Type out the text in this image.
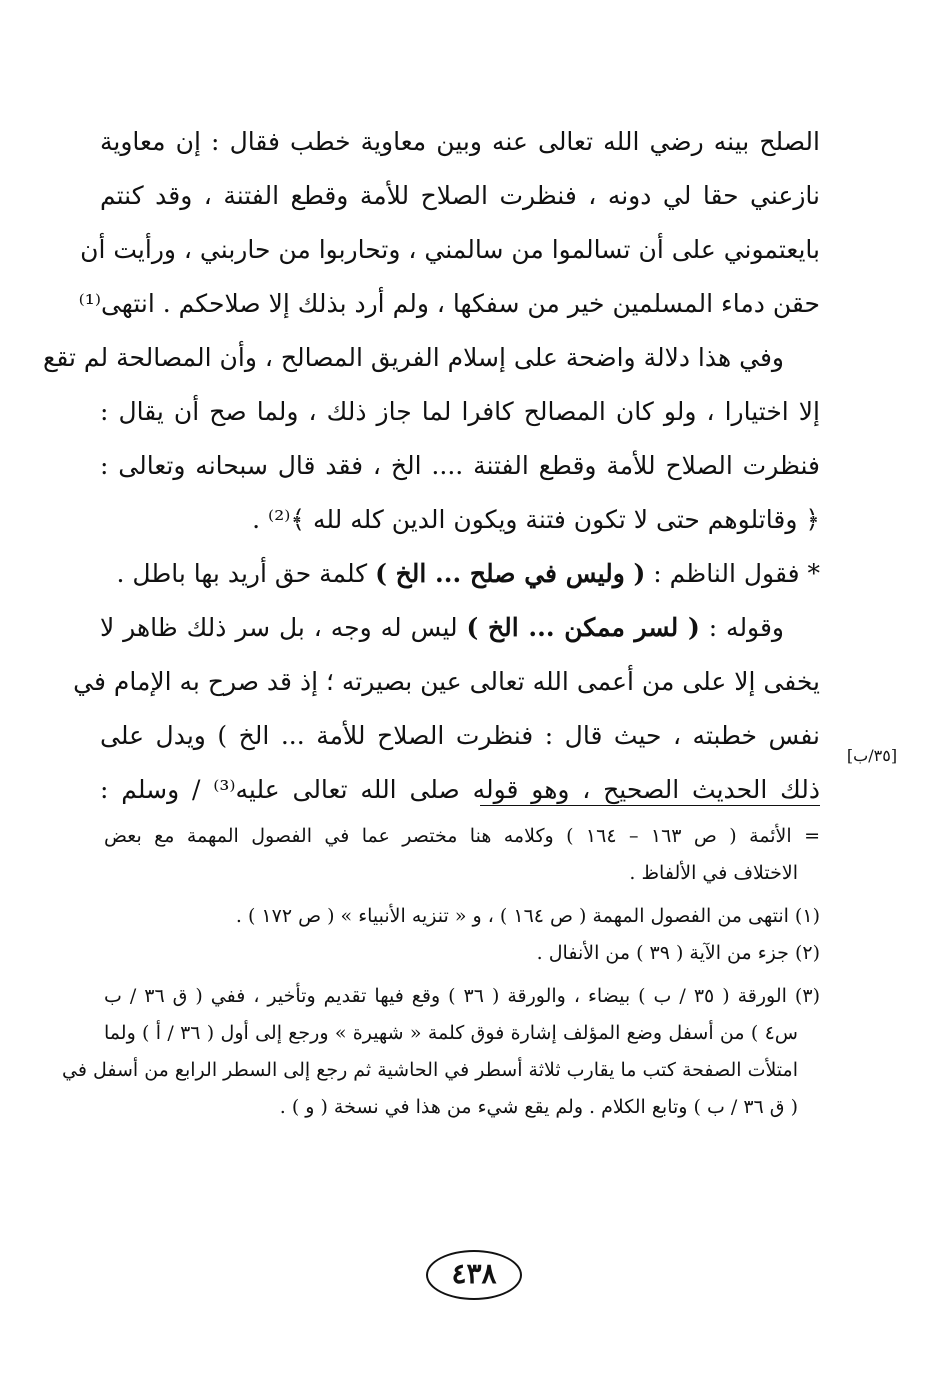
الصلح بينه رضي الله تعالى عنه وبين معاوية خطب فقال : إن معاوية
نازعني حقا لي دونه ، فنظرت الصلاح للأمة وقطع الفتنة ، وقد كنتم
بايعتموني على أن تسالموا من سالمني ، وتحاربوا من حاربني ، ورأيت أن
حقن دماء المسلمين خير من سفكها ، ولم أرد بذلك إلا صلاحكم . انتهى⁽¹⁾
وفي هذا دلالة واضحة على إسلام الفريق المصالح ، وأن المصالحة لم تقع
إلا اختيارا ، ولو كان المصالح كافرا لما جاز ذلك ، ولما صح أن يقال :
فنظرت الصلاح للأمة وقطع الفتنة .... الخ ، فقد قال سبحانه وتعالى :
﴿ وقاتلوهم حتى لا تكون فتنة ويكون الدين كله لله ﴾⁽²⁾ .
* فقول الناظم : ( وليس في صلح ... الخ ) كلمة حق أريد بها باطل .
وقوله : ( لسر ممكن ... الخ ) ليس له وجه ، بل سر ذلك ظاهر لا
يخفى إلا على من أعمى الله تعالى عين بصيرته ؛ إذ قد صرح به الإمام في
نفس خطبته ، حيث قال : فنظرت الصلاح للأمة ... الخ ) ويدل على
ذلك الحديث الصحيح ، وهو قوله صلى الله تعالى عليه⁽³⁾ / وسلم :
[٣٥/ب]
= الأئمة ( ص ١٦٣ – ١٦٤ ) وكلامه هنا مختصر عما في الفصول المهمة مع بعض
الاختلاف في الألفاظ .
(١) انتهى من الفصول المهمة ( ص ١٦٤ ) ، و « تنزيه الأنبياء » ( ص ١٧٢ ) .
(٢) جزء من الآية ( ٣٩ ) من الأنفال .
(٣) الورقة ( ٣٥ / ب ) بيضاء ، والورقة ( ٣٦ ) وقع فيها تقديم وتأخير ، ففي ( ق ٣٦ / ب
س٤ ) من أسفل وضع المؤلف إشارة فوق كلمة « شهيرة » ورجع إلى أول ( ٣٦ / أ ) ولما
امتلأت الصفحة كتب ما يقارب ثلاثة أسطر في الحاشية ثم رجع إلى السطر الرابع من أسفل في
( ق ٣٦ / ب ) وتابع الكلام . ولم يقع شيء من هذا في نسخة ( و ) .
٤٣٨
